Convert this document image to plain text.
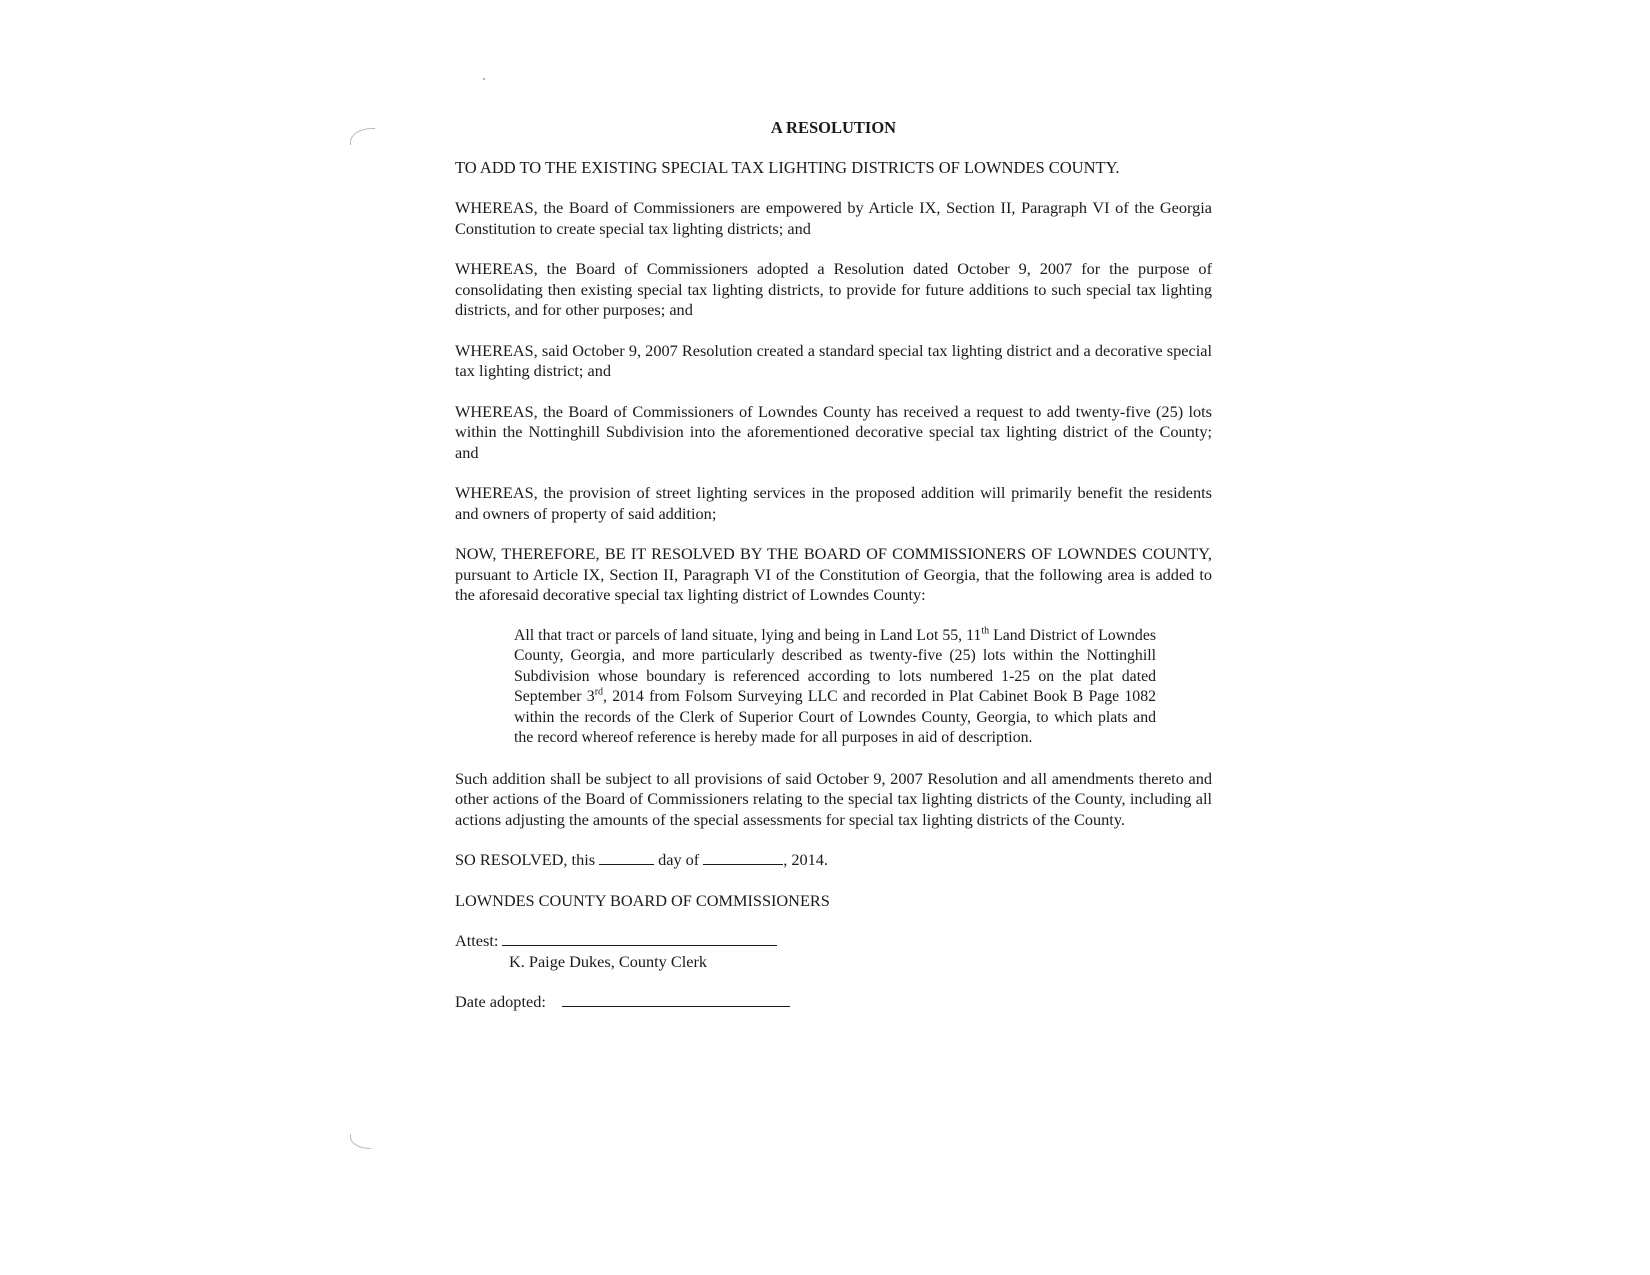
A RESOLUTION
TO ADD TO THE EXISTING SPECIAL TAX LIGHTING DISTRICTS OF LOWNDES COUNTY.

WHEREAS, the Board of Commissioners are empowered by Article IX, Section II, Paragraph VI of the Georgia Constitution to create special tax lighting districts; and

WHEREAS, the Board of Commissioners adopted a Resolution dated October 9, 2007 for the purpose of consolidating then existing special tax lighting districts, to provide for future additions to such special tax lighting districts, and for other purposes; and

WHEREAS, said October 9, 2007 Resolution created a standard special tax lighting district and a decorative special tax lighting district; and

WHEREAS, the Board of Commissioners of Lowndes County has received a request to add twenty-five (25) lots within the Nottinghill Subdivision into the aforementioned decorative special tax lighting district of the County; and

WHEREAS, the provision of street lighting services in the proposed addition will primarily benefit the residents and owners of property of said addition;

NOW, THEREFORE, BE IT RESOLVED BY THE BOARD OF COMMISSIONERS OF LOWNDES COUNTY, pursuant to Article IX, Section II, Paragraph VI of the Constitution of Georgia, that the following area is added to the aforesaid decorative special tax lighting district of Lowndes County:

All that tract or parcels of land situate, lying and being in Land Lot 55, 11th Land District of Lowndes County, Georgia, and more particularly described as twenty-five (25) lots within the Nottinghill Subdivision whose boundary is referenced according to lots numbered 1-25 on the plat dated September 3rd, 2014 from Folsom Surveying LLC and recorded in Plat Cabinet Book B Page 1082 within the records of the Clerk of Superior Court of Lowndes County, Georgia, to which plats and the record whereof reference is hereby made for all purposes in aid of description.

Such addition shall be subject to all provisions of said October 9, 2007 Resolution and all amendments thereto and other actions of the Board of Commissioners relating to the special tax lighting districts of the County, including all actions adjusting the amounts of the special assessments for special tax lighting districts of the County.

SO RESOLVED, this	day of	, 2014.

LOWNDES COUNTY BOARD OF COMMISSIONERS

Attest:

K. Paige Dukes, County Clerk

Date adopted:
